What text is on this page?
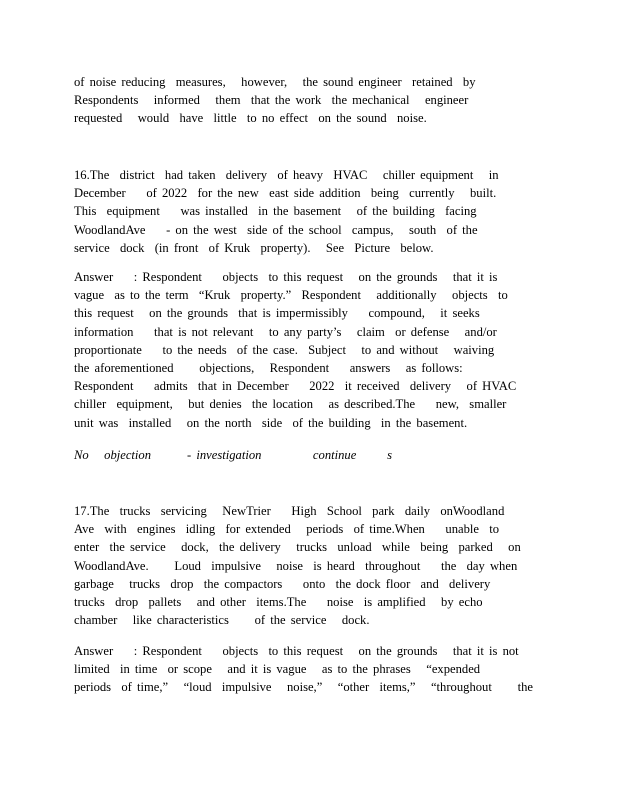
of noise reducing  measures,   however,   the sound engineer  retained  by
Respondents   informed   them  that the work  the mechanical   engineer
requested   would  have  little  to no effect  on the sound  noise.
16.The  district  had taken  delivery  of heavy  HVAC   chiller equipment   in
December    of 2022  for the new  east side addition  being  currently   built.
This  equipment    was installed  in the basement   of the building  facing
WoodlandAve    - on the west  side of the school  campus,   south  of the
service  dock  (in front  of Kruk  property).   See  Picture  below.
Answer    : Respondent    objects  to this request   on the grounds   that it is
vague  as to the term  “Kruk  property.”  Respondent   additionally   objects  to
this request   on the grounds  that is impermissibly    compound,   it seeks
information    that is not relevant   to any party’s   claim  or defense   and/or
proportionate    to the needs  of the case.  Subject   to and without   waiving
the aforementioned     objections,   Respondent    answers   as follows:
Respondent    admits  that in December    2022  it received  delivery   of HVAC
chiller  equipment,   but denies  the location   as described.The    new,  smaller
unit was  installed   on the north  side  of the building  in the basement.
No   objection       - investigation          continue      s
17.The  trucks  servicing   NewTrier    High  School  park  daily  onWoodland
Ave  with  engines  idling  for extended   periods  of time.When    unable  to
enter  the service   dock,  the delivery   trucks  unload  while  being  parked   on
WoodlandAve.     Loud  impulsive   noise  is heard  throughout    the  day when
garbage   trucks  drop  the compactors    onto  the dock floor  and  delivery
trucks  drop  pallets   and other  items.The    noise  is amplified   by echo
chamber   like characteristics     of the service   dock.
Answer    : Respondent    objects  to this request   on the grounds   that it is not
limited  in time  or scope   and it is vague   as to the phrases   “expended
periods  of time,”   “loud  impulsive   noise,”   “other  items,”   “throughout     the
